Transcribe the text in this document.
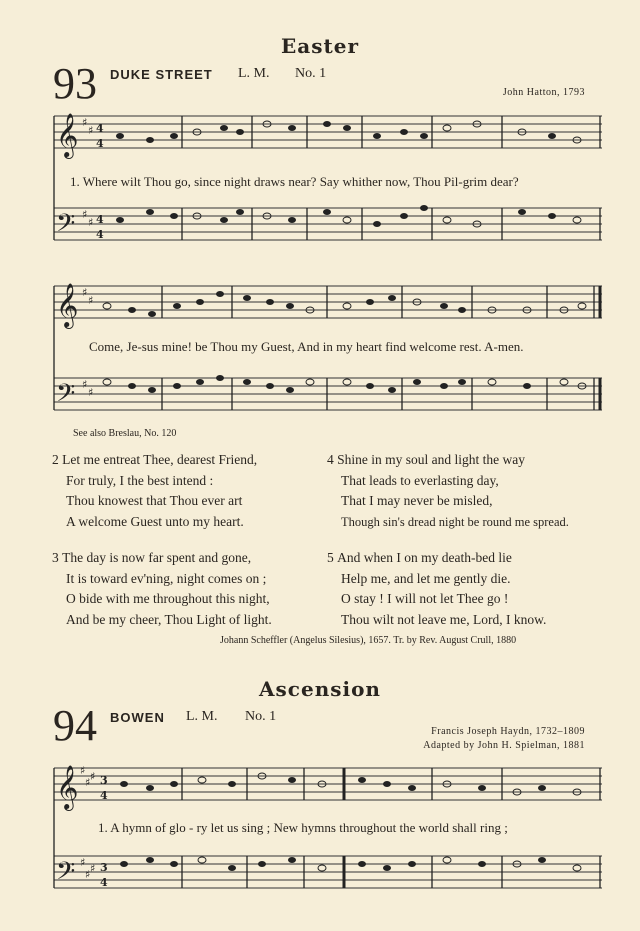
Easter
93 DUKE STREET L. M. No. 1
John Hatton, 1793
𝄞
𝄢
♯
♯
♯
♯
4
4
4
4
1. Where wilt Thou go, since night draws near? Say whither now, Thou Pil-grim dear?
𝄞
𝄢
♯
♯
♯
♯
Come, Je-sus mine! be Thou my Guest, And in my heart find welcome rest. A-men.
See also Breslau, No. 120
2 Let me entreat Thee, dearest Friend,
For truly, I the best intend :
Thou knowest that Thou ever art
A welcome Guest unto my heart.
3 The day is now far spent and gone,
It is toward ev'ning, night comes on ;
O bide with me throughout this night,
And be my cheer, Thou Light of light.
4 Shine in my soul and light the way
That leads to everlasting day,
That I may never be misled,
Though sin's dread night be round me spread.
5 And when I on my death-bed lie
Help me, and let me gently die.
O stay ! I will not let Thee go !
Thou wilt not leave me, Lord, I know.
Johann Scheffler (Angelus Silesius), 1657. Tr. by Rev. August Crull, 1880
Ascension
94 BOWEN L. M. No. 1
Francis Joseph Haydn, 1732–1809
Adapted by John H. Spielman, 1881
𝄞
𝄢
♯
♯ ♯
♯
♯ ♯
3
4
3
4
1. A hymn of glo - ry let us sing ; New hymns throughout the world shall ring ;
